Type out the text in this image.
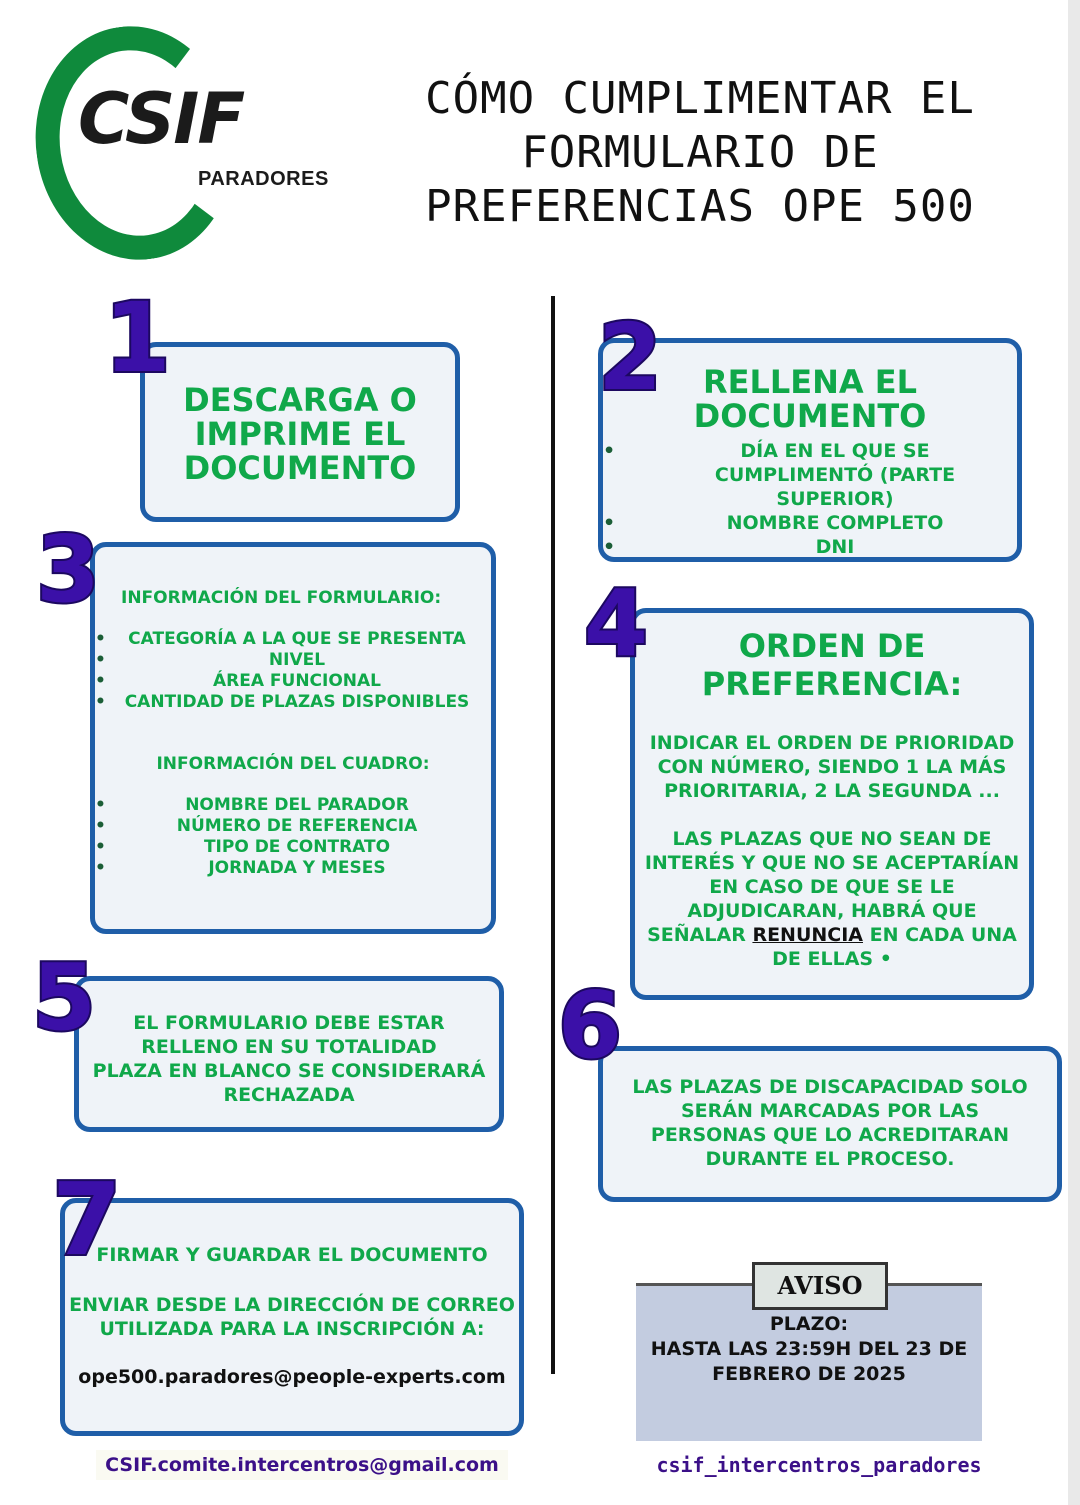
CSIF
PARADORES
CÓMO CUMPLIMENTAR EL
FORMULARIO DE
PREFERENCIAS OPE 500
DESCARGA O
IMPRIME EL
DOCUMENTO
1	RELLENA EL
DOCUMENTO
• DÍA EN EL QUE SE CUMPLIMENTÓ (PARTE SUPERIOR)
• NOMBRE COMPLETO
• DNI
2
INFORMACIÓN DEL FORMULARIO:
• CATEGORÍA A LA QUE SE PRESENTA
• NIVEL
• ÁREA FUNCIONAL
• CANTIDAD DE PLAZAS DISPONIBLES
INFORMACIÓN DEL CUADRO:
• NOMBRE DEL PARADOR
• NÚMERO DE REFERENCIA
• TIPO DE CONTRATO
• JORNADA Y MESES
3
ORDEN DE
PREFERENCIA:
INDICAR EL ORDEN DE PRIORIDAD
CON NÚMERO, SIENDO 1 LA MÁS
PRIORITARIA, 2 LA SEGUNDA ...
LAS PLAZAS QUE NO SEAN DE
INTERÉS Y QUE NO SE ACEPTARÍAN
EN CASO DE QUE SE LE
ADJUDICARAN, HABRÁ QUE
SEÑALAR RENUNCIA EN CADA UNA
DE ELLAS •
4
EL FORMULARIO DEBE ESTAR
RELLENO EN SU TOTALIDAD
PLAZA EN BLANCO SE CONSIDERARÁ
RECHAZADA
5
LAS PLAZAS DE DISCAPACIDAD SOLO
SERÁN MARCADAS POR LAS
PERSONAS QUE LO ACREDITARAN
DURANTE EL PROCESO.
6
FIRMAR Y GUARDAR EL DOCUMENTO
ENVIAR DESDE LA DIRECCIÓN DE CORREO
UTILIZADA PARA LA INSCRIPCIÓN A:
ope500.paradores@people-experts.com
7
AVISO
PLAZO:
HASTA LAS 23:59H DEL 23 DE
FEBRERO DE 2025
CSIF.comite.intercentros@gmail.com	csif_intercentros_paradores
